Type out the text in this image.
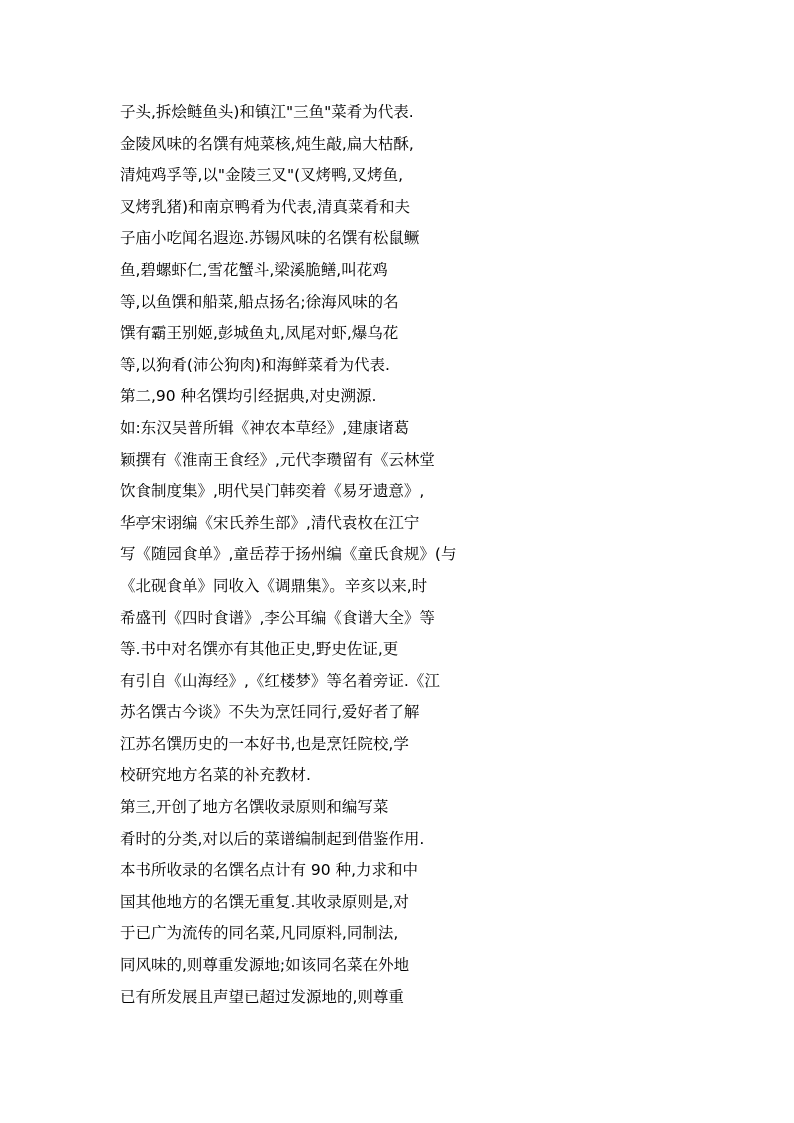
子头,拆烩鲢鱼头)和镇江"三鱼"菜肴为代表.
金陵风味的名馔有炖菜核,炖生敲,扁大枯酥,
清炖鸡孚等,以"金陵三叉"(叉烤鸭,叉烤鱼,
叉烤乳猪)和南京鸭肴为代表,清真菜肴和夫
子庙小吃闻名遐迩.苏锡风味的名馔有松鼠鳜
鱼,碧螺虾仁,雪花蟹斗,梁溪脆鳝,叫花鸡
等,以鱼馔和船菜,船点扬名;徐海风味的名
馔有霸王别姬,彭城鱼丸,凤尾对虾,爆乌花
等,以狗肴(沛公狗肉)和海鲜菜肴为代表.
第二,90 种名馔均引经据典,对史溯源.
如:东汉吴普所辑《神农本草经》,建康诸葛
颖撰有《淮南王食经》,元代李瓒留有《云林堂
饮食制度集》,明代吴门韩奕着《易牙遗意》,
华亭宋诩编《宋氏养生部》,清代袁枚在江宁
写《随园食单》,童岳荐于扬州编《童氏食规》(与
《北砚食单》同收入《调鼎集》。辛亥以来,时
希盛刊《四时食谱》,李公耳编《食谱大全》等
等.书中对名馔亦有其他正史,野史佐证,更
有引自《山海经》,《红楼梦》等名着旁证.《江
苏名馔古今谈》不失为烹饪同行,爱好者了解
江苏名馔历史的一本好书,也是烹饪院校,学
校研究地方名菜的补充教材.
第三,开创了地方名馔收录原则和编写菜
肴时的分类,对以后的菜谱编制起到借鉴作用.
本书所收录的名馔名点计有 90 种,力求和中
国其他地方的名馔无重复.其收录原则是,对
于已广为流传的同名菜,凡同原料,同制法,
同风味的,则尊重发源地;如该同名菜在外地
已有所发展且声望已超过发源地的,则尊重
